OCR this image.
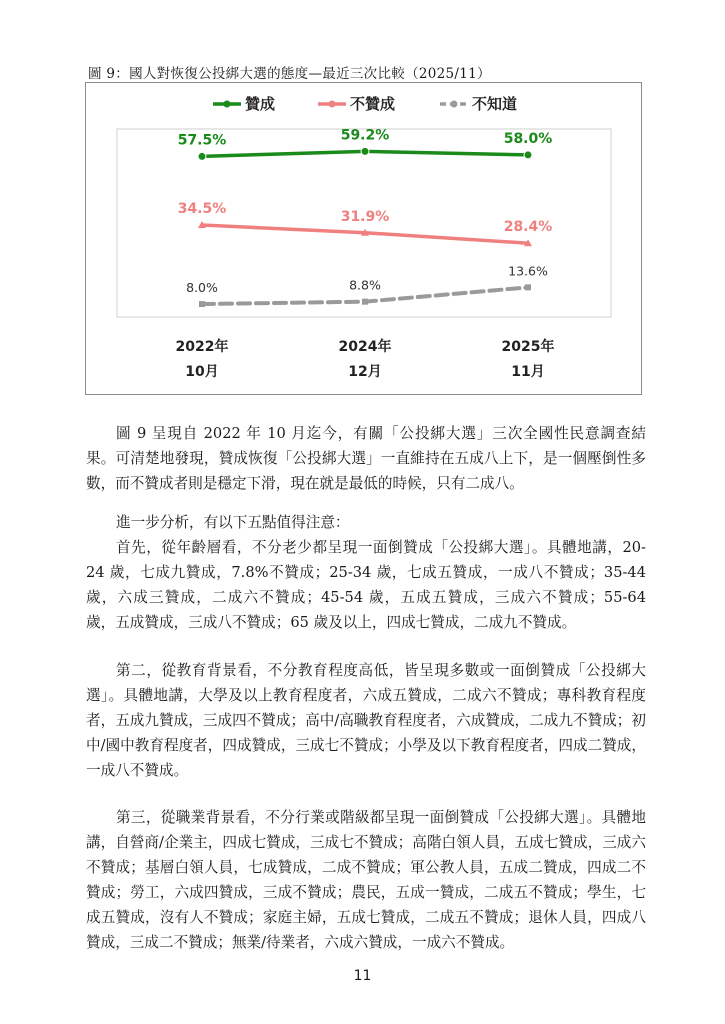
圖 9：國人對恢復公投綁大選的態度—最近三次比較（2025/11）
贊成	不贊成	不知道
57.5%	59.2%	58.0%
34.5%	31.9%
28.4%
8.0%	8.8%
13.6%
2022年
10月
2024年
12月
2025年
11月

圖 9 呈現自 2022 年 10 月迄今，有關「公投綁大選」三次全國性民意調查結果。可清楚地發現，贊成恢復「公投綁大選」一直維持在五成八上下，是一個壓倒性多數，而不贊成者則是穩定下滑，現在就是最低的時候，只有二成八。

進一步分析，有以下五點值得注意：

首先，從年齡層看，不分老少都呈現一面倒贊成「公投綁大選」。具體地講，20-24 歲，七成九贊成，7.8%不贊成；25-34 歲，七成五贊成，一成八不贊成；35-44 歲，六成三贊成，二成六不贊成；45-54 歲，五成五贊成，三成六不贊成；55-64 歲，五成贊成，三成八不贊成；65 歲及以上，四成七贊成，二成九不贊成。

第二，從教育背景看，不分教育程度高低，皆呈現多數或一面倒贊成「公投綁大選」。具體地講，大學及以上教育程度者，六成五贊成，二成六不贊成；專科教育程度者，五成九贊成，三成四不贊成；高中/高職教育程度者，六成贊成，二成九不贊成；初中/國中教育程度者，四成贊成，三成七不贊成；小學及以下教育程度者，四成二贊成，一成八不贊成。

第三，從職業背景看，不分行業或階級都呈現一面倒贊成「公投綁大選」。具體地講，自營商/企業主，四成七贊成，三成七不贊成；高階白領人員，五成七贊成，三成六不贊成；基層白領人員，七成贊成，二成不贊成；軍公教人員，五成二贊成，四成二不贊成；勞工，六成四贊成，三成不贊成；農民，五成一贊成，二成五不贊成；學生，七成五贊成，沒有人不贊成；家庭主婦，五成七贊成，二成五不贊成；退休人員，四成八贊成，三成二不贊成；無業/待業者，六成六贊成，一成六不贊成。

11
